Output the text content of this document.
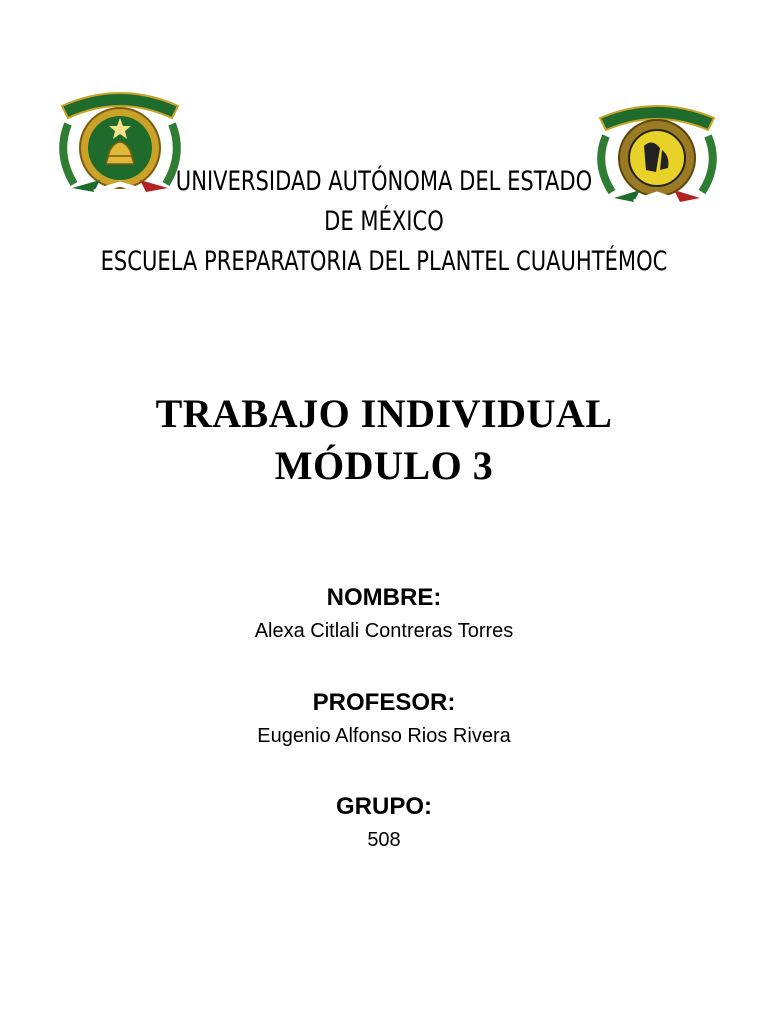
UNIVERSIDAD AUTÓNOMA DEL ESTADO
DE MÉXICO
ESCUELA PREPARATORIA DEL PLANTEL CUAUHTÉMOC
TRABAJO INDIVIDUAL
MÓDULO 3
NOMBRE:
Alexa Citlali Contreras Torres
PROFESOR:
Eugenio Alfonso Rios Rivera
GRUPO:
508
